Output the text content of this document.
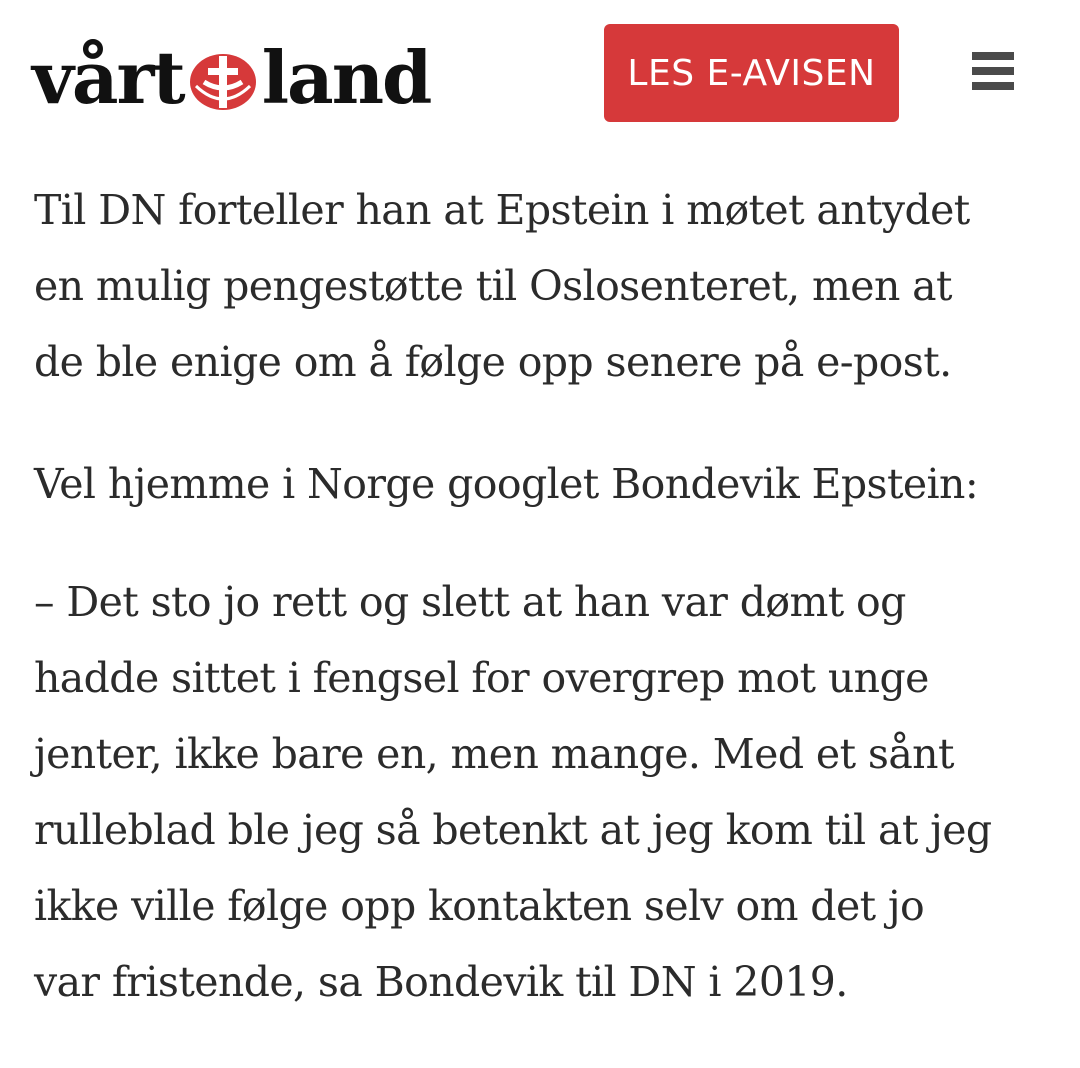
vårt land	LES E-AVISEN

Til DN forteller han at Epstein i møtet antydet
en mulig pengestøtte til Oslosenteret, men at
de ble enige om å følge opp senere på e-post.

Vel hjemme i Norge googlet Bondevik Epstein:

– Det sto jo rett og slett at han var dømt og
hadde sittet i fengsel for overgrep mot unge
jenter, ikke bare en, men mange. Med et sånt
rulleblad ble jeg så betenkt at jeg kom til at jeg
ikke ville følge opp kontakten selv om det jo
var fristende, sa Bondevik til DN i 2019.
